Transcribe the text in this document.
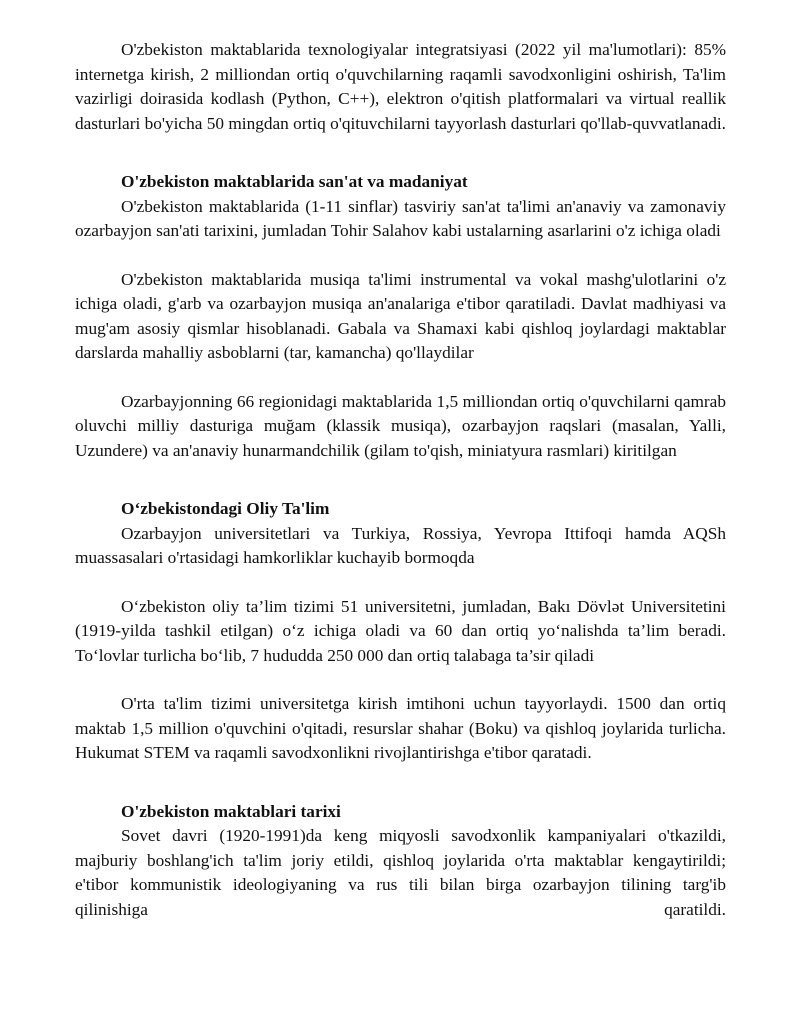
O'zbekiston maktablarida texnologiyalar integratsiyasi (2022 yil ma'lumotlari): 85% internetga kirish, 2 milliondan ortiq o'quvchilarning raqamli savodxonligini oshirish, Ta'lim vazirligi doirasida kodlash (Python, C++), elektron o'qitish platformalari va virtual reallik dasturlari bo'yicha 50 mingdan ortiq o'qituvchilarni tayyorlash dasturlari qo'llab-quvvatlanadi.

O'zbekiston maktablarida san'at va madaniyat

O'zbekiston maktablarida (1-11 sinflar) tasviriy san'at ta'limi an'anaviy va zamonaviy ozarbayjon san'ati tarixini, jumladan Tohir Salahov kabi ustalarning asarlarini o'z ichiga oladi

O'zbekiston maktablarida musiqa ta'limi instrumental va vokal mashg'ulotlarini o'z ichiga oladi, g'arb va ozarbayjon musiqa an'analariga e'tibor qaratiladi. Davlat madhiyasi va mug'am asosiy qismlar hisoblanadi. Gabala va Shamaxi kabi qishloq joylardagi maktablar darslarda mahalliy asboblarni (tar, kamancha) qo'llaydilar

Ozarbayjonning 66 regionidagi maktablarida 1,5 milliondan ortiq o'quvchilarni qamrab oluvchi milliy dasturiga muğam (klassik musiqa), ozarbayjon raqslari (masalan, Yalli, Uzundere) va an'anaviy hunarmandchilik (gilam to'qish, miniatyura rasmlari) kiritilgan

O‘zbekistondagi Oliy Ta'lim

Ozarbayjon universitetlari va Turkiya, Rossiya, Yevropa Ittifoqi hamda AQSh muassasalari o'rtasidagi hamkorliklar kuchayib bormoqda

O‘zbekiston oliy ta’lim tizimi 51 universitetni, jumladan, Bakı Dövlət Universitetini (1919-yilda tashkil etilgan) o‘z ichiga oladi va 60 dan ortiq yo‘nalishda ta’lim beradi. To‘lovlar turlicha bo‘lib, 7 hududda 250 000 dan ortiq talabaga ta’sir qiladi

O'rta ta'lim tizimi universitetga kirish imtihoni uchun tayyorlaydi. 1500 dan ortiq maktab 1,5 million o'quvchini o'qitadi, resurslar shahar (Boku) va qishloq joylarida turlicha. Hukumat STEM va raqamli savodxonlikni rivojlantirishga e'tibor qaratadi.

O'zbekiston maktablari tarixi

Sovet davri (1920-1991)da keng miqyosli savodxonlik kampaniyalari o'tkazildi, majburiy boshlang'ich ta'lim joriy etildi, qishloq joylarida o'rta maktablar kengaytirildi; e'tibor kommunistik ideologiyaning va rus tili bilan birga ozarbayjon tilining targ'ib qilinishiga qaratildi.
